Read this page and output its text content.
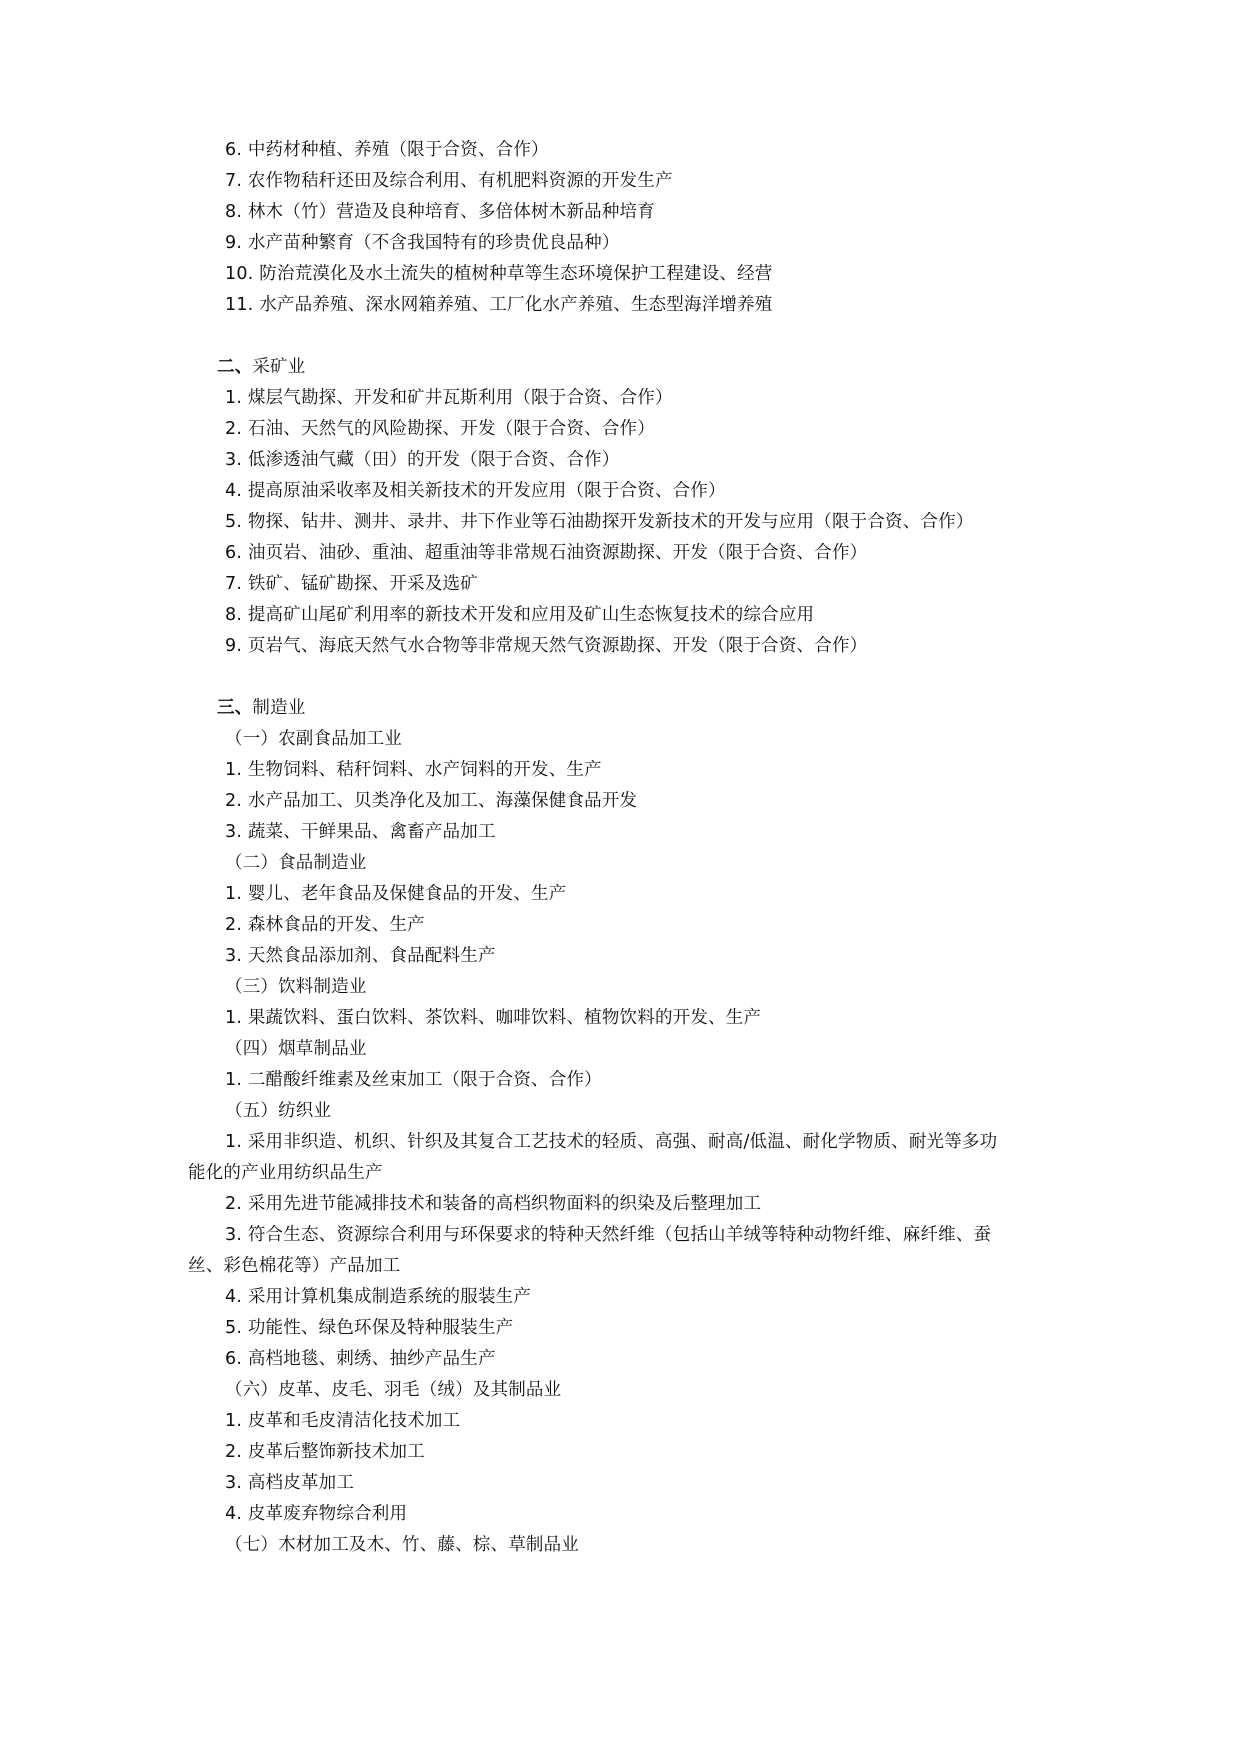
6. 中药材种植、养殖（限于合资、合作）
7. 农作物秸秆还田及综合利用、有机肥料资源的开发生产
8. 林木（竹）营造及良种培育、多倍体树木新品种培育
9. 水产苗种繁育（不含我国特有的珍贵优良品种）
10. 防治荒漠化及水土流失的植树种草等生态环境保护工程建设、经营
11. 水产品养殖、深水网箱养殖、工厂化水产养殖、生态型海洋增养殖
二、采矿业
1. 煤层气勘探、开发和矿井瓦斯利用（限于合资、合作）
2. 石油、天然气的风险勘探、开发（限于合资、合作）
3. 低渗透油气藏（田）的开发（限于合资、合作）
4. 提高原油采收率及相关新技术的开发应用（限于合资、合作）
5. 物探、钻井、测井、录井、井下作业等石油勘探开发新技术的开发与应用（限于合资、合作）
6. 油页岩、油砂、重油、超重油等非常规石油资源勘探、开发（限于合资、合作）
7. 铁矿、锰矿勘探、开采及选矿
8. 提高矿山尾矿利用率的新技术开发和应用及矿山生态恢复技术的综合应用
9. 页岩气、海底天然气水合物等非常规天然气资源勘探、开发（限于合资、合作）
三、制造业
（一）农副食品加工业
1. 生物饲料、秸秆饲料、水产饲料的开发、生产
2. 水产品加工、贝类净化及加工、海藻保健食品开发
3. 蔬菜、干鲜果品、禽畜产品加工
（二）食品制造业
1. 婴儿、老年食品及保健食品的开发、生产
2. 森林食品的开发、生产
3. 天然食品添加剂、食品配料生产
（三）饮料制造业
1. 果蔬饮料、蛋白饮料、茶饮料、咖啡饮料、植物饮料的开发、生产
（四）烟草制品业
1. 二醋酸纤维素及丝束加工（限于合资、合作）
（五）纺织业
1. 采用非织造、机织、针织及其复合工艺技术的轻质、高强、耐高/低温、耐化学物质、耐光等多功
能化的产业用纺织品生产
2. 采用先进节能减排技术和装备的高档织物面料的织染及后整理加工
3. 符合生态、资源综合利用与环保要求的特种天然纤维（包括山羊绒等特种动物纤维、麻纤维、蚕
丝、彩色棉花等）产品加工
4. 采用计算机集成制造系统的服装生产
5. 功能性、绿色环保及特种服装生产
6. 高档地毯、刺绣、抽纱产品生产
（六）皮革、皮毛、羽毛（绒）及其制品业
1. 皮革和毛皮清洁化技术加工
2. 皮革后整饰新技术加工
3. 高档皮革加工
4. 皮革废弃物综合利用
（七）木材加工及木、竹、藤、棕、草制品业
